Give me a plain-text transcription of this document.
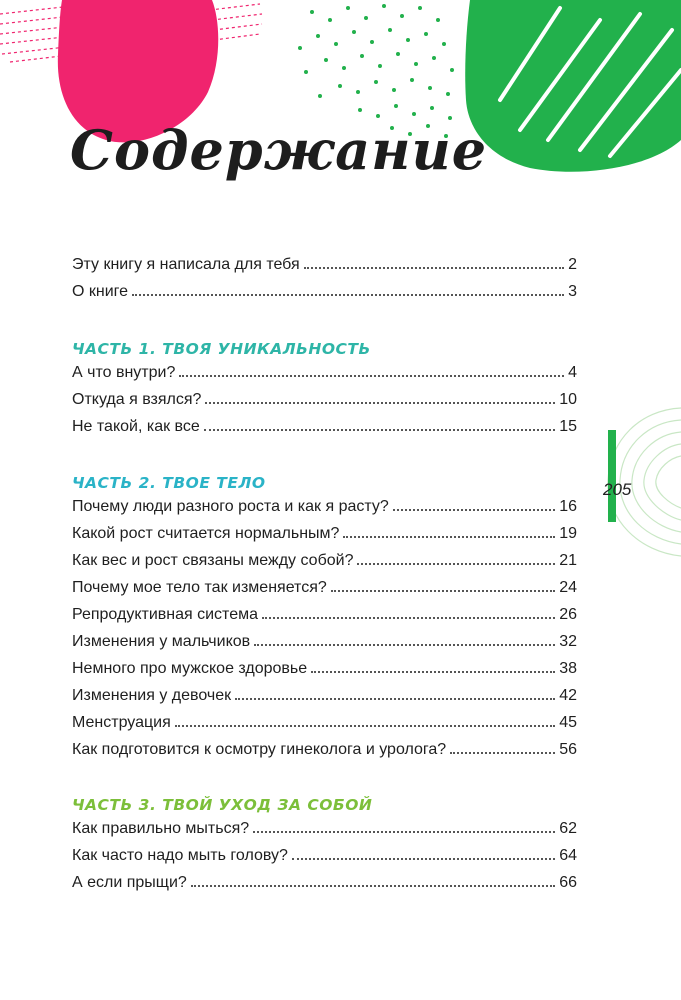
Содержание
Эту книгу я написала для тебя	2
О книге	3
ЧАСТЬ 1. ТВОЯ УНИКАЛЬНОСТЬ
А что внутри?	4
Откуда я взялся?	10
Не такой, как все	15
ЧАСТЬ 2. ТВОЕ ТЕЛО
Почему люди разного роста и как я расту?	16
Какой рост считается нормальным?	19
Как вес и рост связаны между собой?	21
Почему мое тело так изменяется?	24
Репродуктивная система	26
Изменения у мальчиков	32
Немного про мужское здоровье	38
Изменения у девочек	42
Менструация	45
Как подготовится к осмотру гинеколога и уролога?	56
ЧАСТЬ 3. ТВОЙ УХОД ЗА СОБОЙ
Как правильно мыться?	62
Как часто надо мыть голову?	64
А если прыщи?	66
205
